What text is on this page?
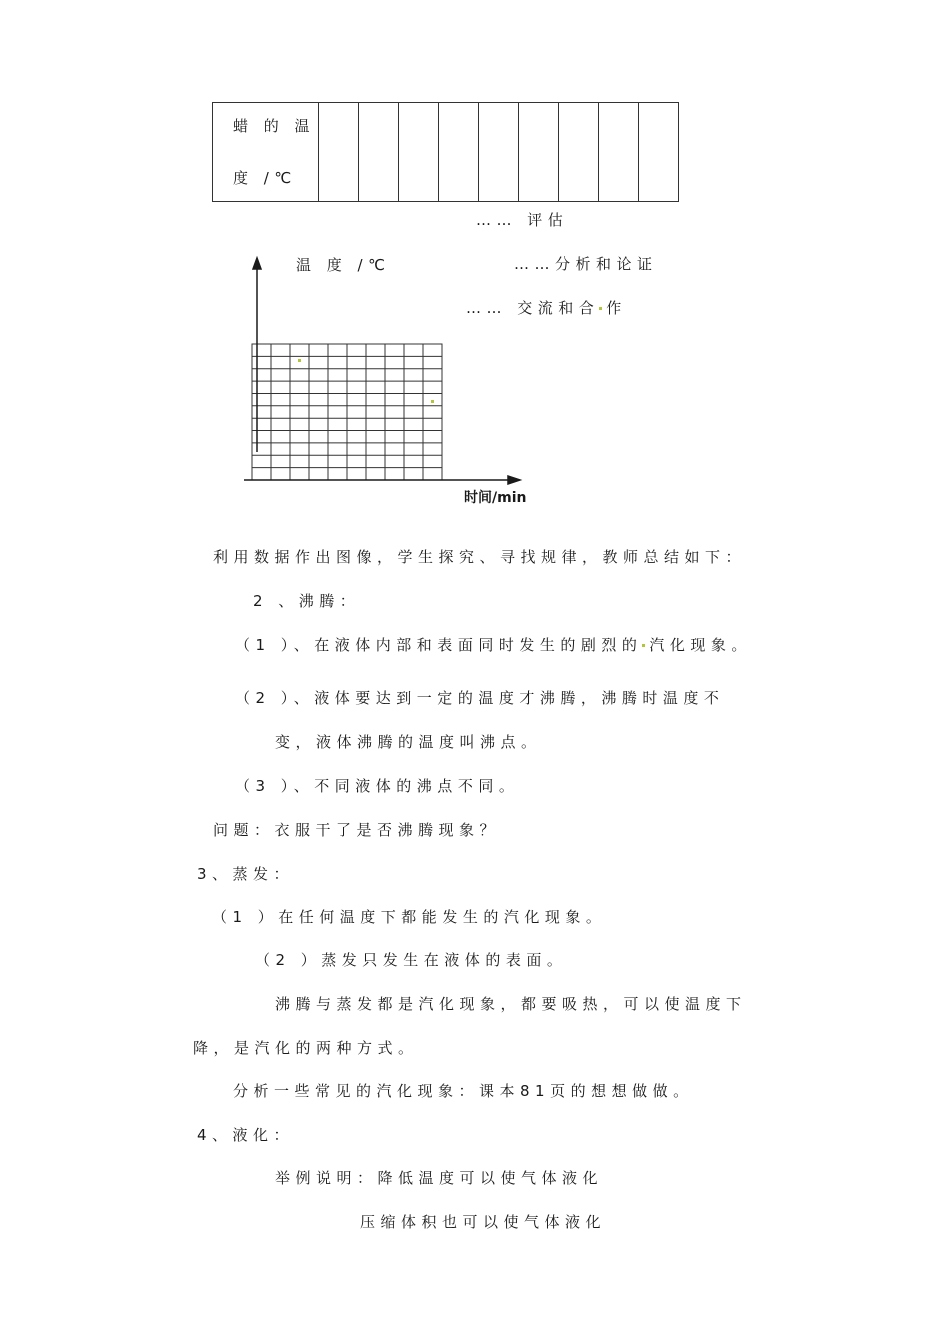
蜡 的 温
度 /℃

…… 评估
……分析和论证
…… 交流和合 作
温 度 /℃
时间/min
利用数据作出图像，学生探究、寻找规律，教师总结如下：
2 、沸腾：
（1 ）、在液体内部和表面同时发生的剧烈的 汽化现象。
（2 ）、液体要达到一定的温度才沸腾，沸腾时温度不
变，液体沸腾的温度叫沸点。
（3 ）、不同液体的沸点不同。
问题：衣服干了是否沸腾现象？
3、蒸发：
（1 ）在任何温度下都能发生的汽化现象。
（2 ）蒸发只发生在液体的表面。
沸腾与蒸发都是汽化现象，都要吸热，可以使温度下
降，是汽化的两种方式。
分析一些常见的汽化现象：课本81页的想想做做。
4、液化：
举例说明：降低温度可以使气体液化
压缩体积也可以使气体液化
